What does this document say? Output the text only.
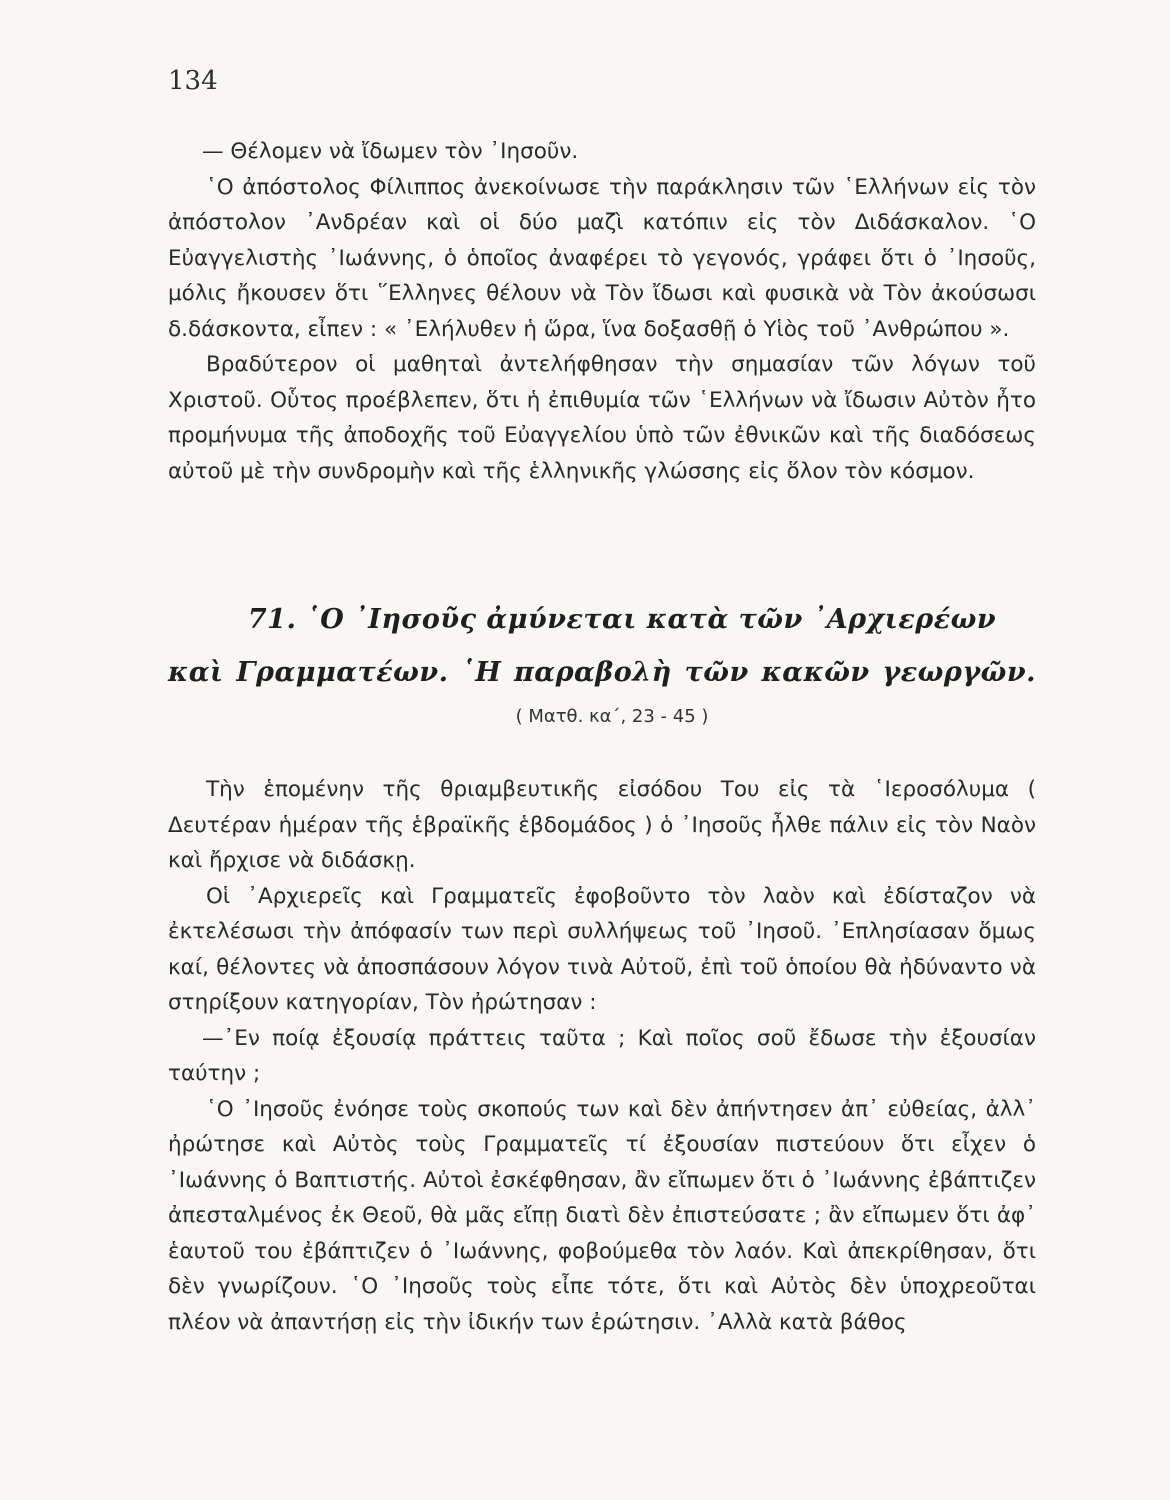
134

— Θέλομεν νὰ ἴδωμεν τὸν ᾿Ιησοῦν.

῾Ο ἀπόστολος Φίλιππος ἀνεκοίνωσε τὴν παράκλησιν τῶν ῾Ελλήνων εἰς τὸν ἀπόστολον ᾿Ανδρέαν καὶ οἱ δύο μαζὶ κατόπιν εἰς τὸν Διδάσκαλον. ῾Ο Εὐαγγελιστὴς ᾿Ιωάννης, ὁ ὁποῖος ἀναφέρει τὸ γεγονός, γράφει ὅτι ὁ ᾿Ιησοῦς, μόλις ἤκουσεν ὅτι ῞Ελληνες θέλουν νὰ Τὸν ἴδωσι καὶ φυσικὰ νὰ Τὸν ἀκούσωσι δ.δάσκοντα, εἶπεν : « ᾿Ελήλυθεν ἡ ὥρα, ἵνα δοξασθῇ ὁ Υἱὸς τοῦ ᾿Ανθρώπου ».

Βραδύτερον οἱ μαθηταὶ ἀντελήφθησαν τὴν σημασίαν τῶν λόγων τοῦ Χριστοῦ. Οὗτος προέβλεπεν, ὅτι ἡ ἐπιθυμία τῶν ῾Ελλήνων νὰ ἴδωσιν Αὐτὸν ἦτο προμήνυμα τῆς ἀποδοχῆς τοῦ Εὐαγγελίου ὑπὸ τῶν ἐθνικῶν καὶ τῆς διαδόσεως αὐτοῦ μὲ τὴν συνδρομὴν καὶ τῆς ἑλληνικῆς γλώσσης εἰς ὅλον τὸν κόσμον.

71. ῾Ο ᾿Ιησοῦς ἀμύνεται κατὰ τῶν ᾿Αρχιερέων
καὶ Γραμματέων. ῾Η παραβολὴ τῶν κακῶν γεωργῶν.
( Ματθ. κα΄, 23 - 45 )

Τὴν ἑπομένην τῆς θριαμβευτικῆς εἰσόδου Του εἰς τὰ ῾Ιεροσόλυμα ( Δευτέραν ἡμέραν τῆς ἑβραϊκῆς ἑβδομάδος ) ὁ ᾿Ιησοῦς ἦλθε πάλιν εἰς τὸν Ναὸν καὶ ἤρχισε νὰ διδάσκῃ.

Οἱ ᾿Αρχιερεῖς καὶ Γραμματεῖς ἐφοβοῦντο τὸν λαὸν καὶ ἐδίσταζον νὰ ἐκτελέσωσι τὴν ἀπόφασίν των περὶ συλλήψεως τοῦ ᾿Ιησοῦ. ᾿Επλησίασαν ὅμως καί, θέλοντες νὰ ἀποσπάσουν λόγον τινὰ Αὐτοῦ, ἐπὶ τοῦ ὁποίου θὰ ἠδύναντο νὰ στηρίξουν κατηγορίαν, Τὸν ἠρώτησαν :

—᾿Εν ποίᾳ ἐξουσίᾳ πράττεις ταῦτα ; Καὶ ποῖος σοῦ ἔδωσε τὴν ἐξουσίαν ταύτην ;

῾Ο ᾿Ιησοῦς ἐνόησε τοὺς σκοπούς των καὶ δὲν ἀπήντησεν ἀπ᾿ εὐθείας, ἀλλ᾿ ἠρώτησε καὶ Αὐτὸς τοὺς Γραμματεῖς τί ἐξουσίαν πιστεύουν ὅτι εἶχεν ὁ ᾿Ιωάννης ὁ Βαπτιστής. Αὐτοὶ ἐσκέφθησαν, ἂν εἴπωμεν ὅτι ὁ ᾿Ιωάννης ἐβάπτιζεν ἀπεσταλμένος ἐκ Θεοῦ, θὰ μᾶς εἴπῃ διατὶ δὲν ἐπιστεύσατε ; ἂν εἴπωμεν ὅτι ἀφ᾿ ἑαυτοῦ του ἐβάπτιζεν ὁ ᾿Ιωάννης, φοβούμεθα τὸν λαόν. Καὶ ἀπεκρίθησαν, ὅτι δὲν γνωρίζουν. ῾Ο ᾿Ιησοῦς τοὺς εἶπε τότε, ὅτι καὶ Αὐτὸς δὲν ὑποχρεοῦται πλέον νὰ ἀπαντήσῃ εἰς τὴν ἰδικήν των ἐρώτησιν. ᾿Αλλὰ κατὰ βάθος
